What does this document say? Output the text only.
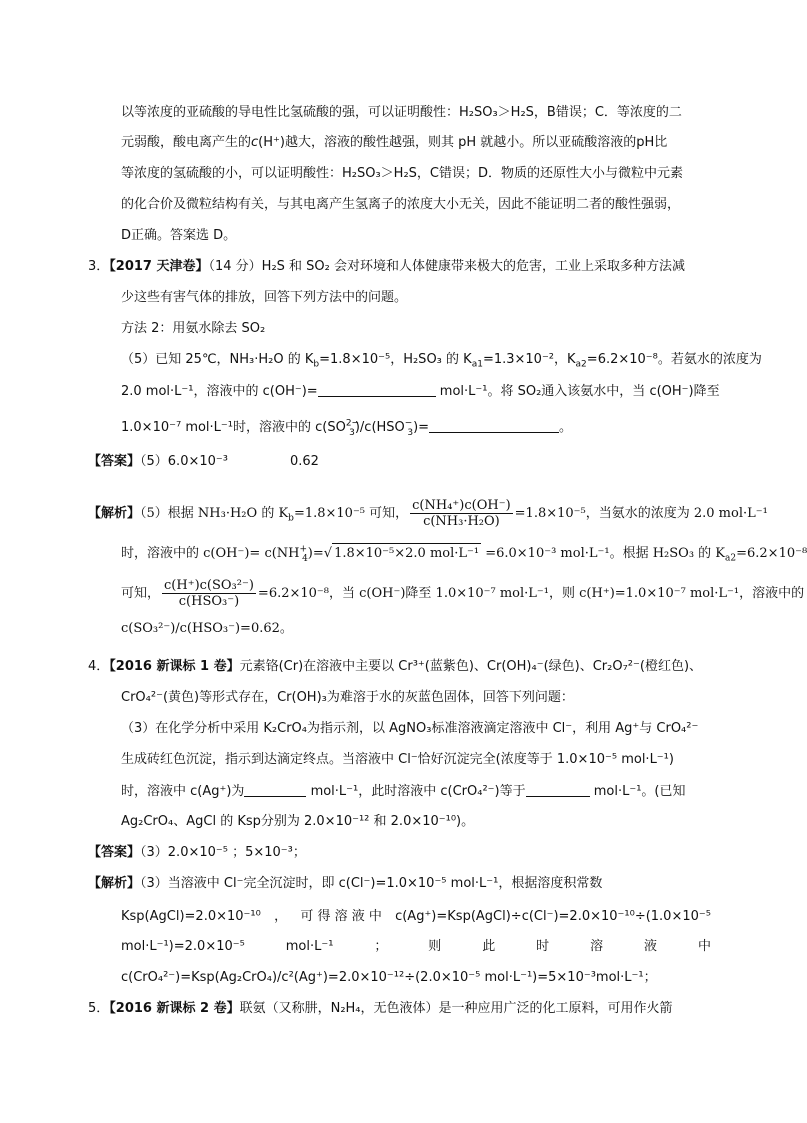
以等浓度的亚硫酸的导电性比氢硫酸的强，可以证明酸性：H₂SO₃＞H₂S，B错误；C．等浓度的二
元弱酸，酸电离产生的c(H⁺)越大，溶液的酸性越强，则其 pH 就越小。所以亚硫酸溶液的pH比
等浓度的氢硫酸的小，可以证明酸性：H₂SO₃＞H₂S，C错误；D．物质的还原性大小与微粒中元素
的化合价及微粒结构有关，与其电离产生氢离子的浓度大小无关，因此不能证明二者的酸性强弱，
D正确。答案选 D。
3．【2017 天津卷】（14 分）H₂S 和 SO₂ 会对环境和人体健康带来极大的危害，工业上采取多种方法减
少这些有害气体的排放，回答下列方法中的问题。
方法 2：用氨水除去 SO₂
（5）已知 25℃，NH₃·H₂O 的 $K_b=1.8\times 10^{-5}$，H₂SO₃ 的 $K_{a1}=1.3\times 10^{-2}$，$K_{a2}=6.2\times 10^{-8}$。若氨水的浓度为
2.0 mol·L⁻¹，溶液中的 c(OH⁻)=	mol·L⁻¹。将 SO₂通入该氨水中，当 c(OH⁻)降至
1.0×10⁻⁷ mol·L⁻¹时，溶液中的 $c(SO^{2-}_3)/c(HSO^-_3)=$	。
【答案】（5）6.0×10⁻³	0.62
【解析】（5）根据 NH₃·H₂O 的 $K_b=1.8\times 10^{-5}$ 可知， $\frac{\text{c(NH₄⁺)c(OH⁻)}}{\text{c(NH₃·H₂O)}} =1.8\times 10^{-5}$，当氨水的浓度为 2.0 mol·L⁻¹
时，溶液中的 $c(OH^-)= c(NH^+_4)=√$ 1.8×10⁻⁵×2.0 mol·L⁻¹ =6.0×10⁻³ mol·L⁻¹。根据 H₂SO₃ 的 $K_{a2}=6.2\times 10^{-8}$
可知， $\frac{\text{c(H⁺)c(SO₃²⁻)}}{\text{c(HSO₃⁻)}} =6.2\times 10^{-8}$，当 c(OH⁻)降至 1.0×10⁻⁷ mol·L⁻¹，则 c(H⁺)=1.0×10⁻⁷ mol·L⁻¹，溶液中的
c(SO₃²⁻)/c(HSO₃⁻)=0.62。
4．【2016 新课标 1 卷】元素铬(Cr)在溶液中主要以 Cr³⁺(蓝紫色)、Cr(OH)₄⁻(绿色)、Cr₂O₇²⁻(橙红色)、
CrO₄²⁻(黄色)等形式存在，Cr(OH)₃为难溶于水的灰蓝色固体，回答下列问题：
（3）在化学分析中采用 K₂CrO₄为指示剂，以 AgNO₃标准溶液滴定溶液中 Cl⁻，利用 Ag⁺与 CrO₄²⁻
生成砖红色沉淀，指示到达滴定终点。当溶液中 Cl⁻恰好沉淀完全(浓度等于 1.0×10⁻⁵ mol·L⁻¹)
时，溶液中 c(Ag⁺)为	mol·L⁻¹，此时溶液中 c(CrO₄²⁻)等于	mol·L⁻¹。(已知
Ag₂CrO₄、AgCl 的 Ksp分别为 2.0×10⁻¹² 和 2.0×10⁻¹⁰)。
【答案】（3）2.0×10⁻⁵ ；5×10⁻³；
【解析】（3）当溶液中 Cl⁻完全沉淀时，即 c(Cl⁻)=1.0×10⁻⁵ mol·L⁻¹，根据溶度积常数
Ksp(AgCl)=2.0×10⁻¹⁰ ， 可 得 溶 液 中 c(Ag⁺)=Ksp(AgCl)÷c(Cl⁻)=2.0×10⁻¹⁰÷(1.0×10⁻⁵
mol·L⁻¹)=2.0×10⁻⁵	mol·L⁻¹	；	则	此	时	溶	液	中
c(CrO₄²⁻)=Ksp(Ag₂CrO₄)/c²(Ag⁺)=2.0×10⁻¹²÷(2.0×10⁻⁵ mol·L⁻¹)=5×10⁻³mol·L⁻¹；
5．【2016 新课标 2 卷】联氨（又称肼，N₂H₄，无色液体）是一种应用广泛的化工原料，可用作火箭
